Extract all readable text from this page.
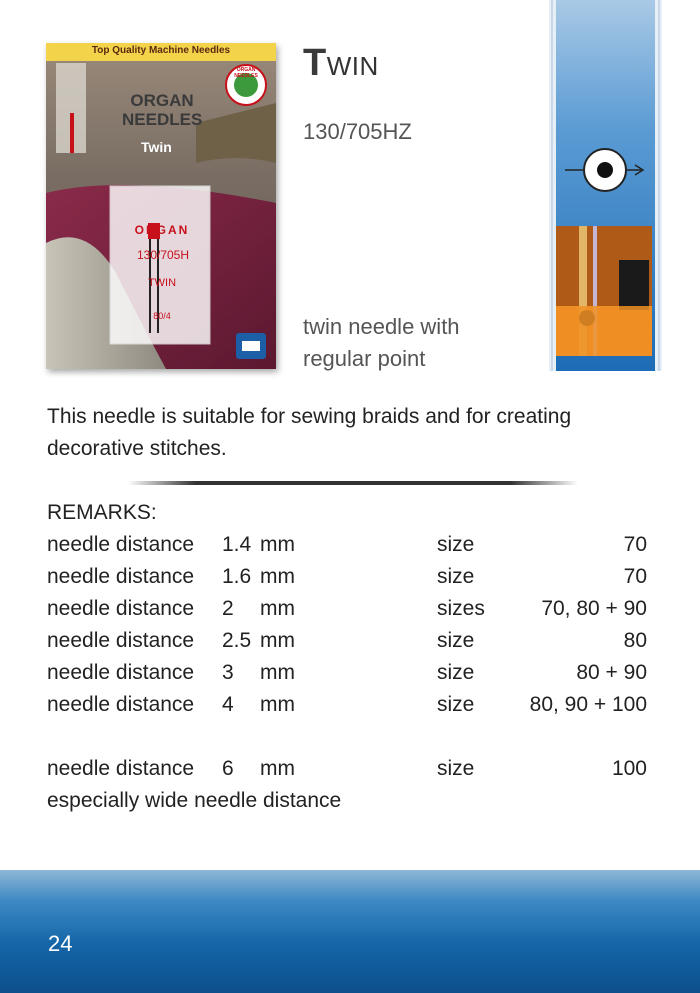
Top Quality Machine Needles
ORGAN
NEEDLES
Twin
ORGAN
130/705H
TWIN
80/4
ORGAN NEEDLES TWIN
130/705HZ
twin needle with regular point
This needle is suitable for sewing braids and for creating decorative stitches.
REMARKS:
needle distance 1.4 mm	size	70
needle distance 1.6 mm	size	70
needle distance 2 mm	sizes	70, 80 + 90
needle distance 2.5 mm	size	80
needle distance 3 mm	size	80 + 90
needle distance 4 mm	size	80, 90 + 100
needle distance 6 mm	size	100
especially wide needle distance
24
